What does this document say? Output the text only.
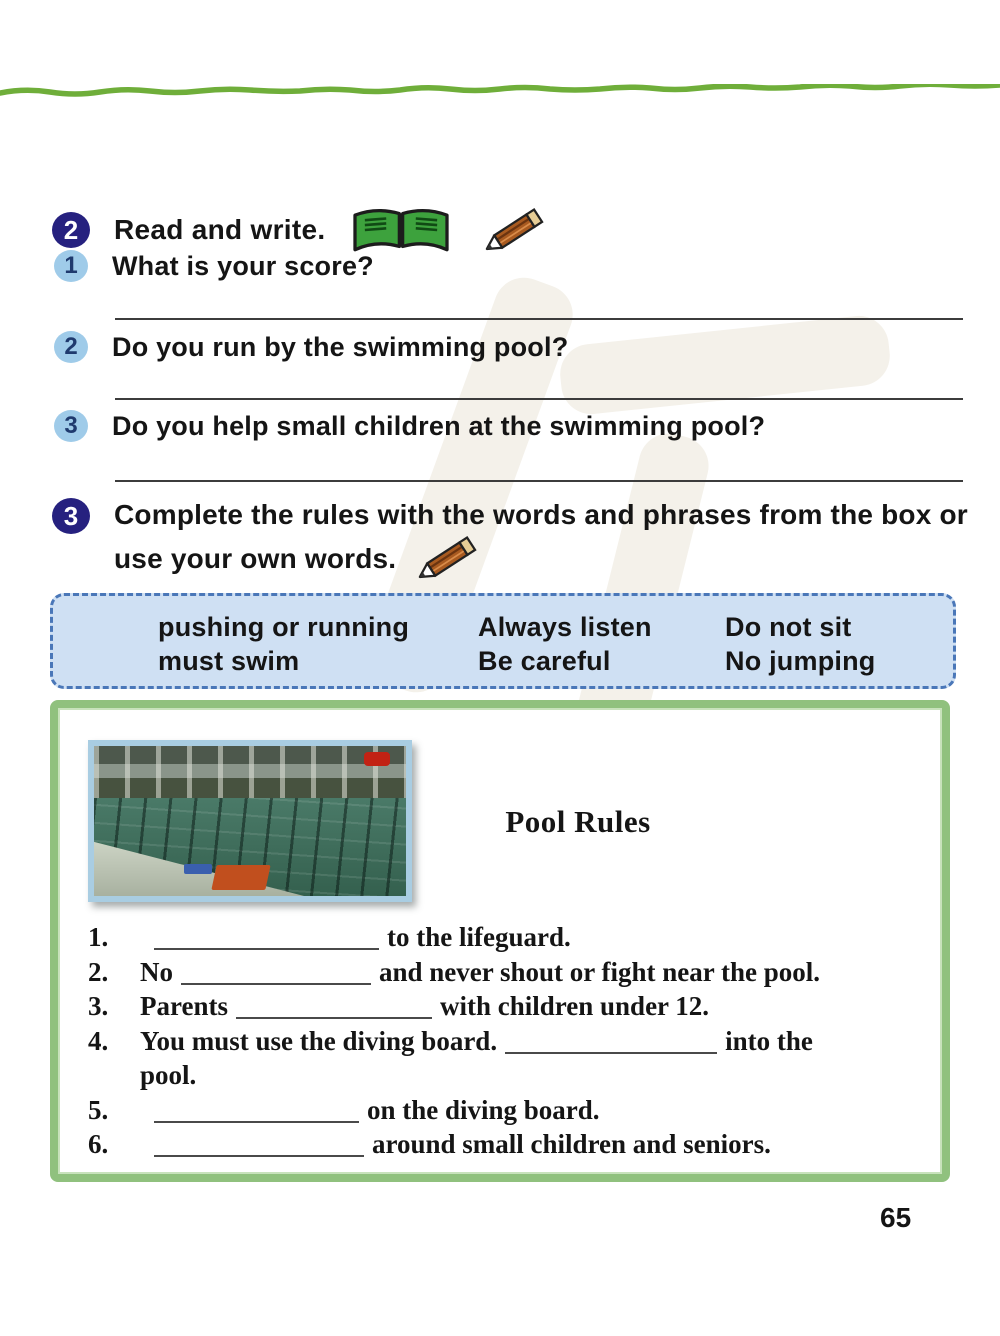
2	Read and write.
1	What is your score?
2	Do you run by the swimming pool?
3	Do you help small children at the swimming pool?
3	Complete the rules with the words and phrases from the box or
use your own words.
pushing or running
must swim
Always listen
Be careful
Do not sit
No jumping
Pool Rules
1.	to the lifeguard.
2.	No	and never shout or fight near the pool.
3.	Parents	with children under 12.
4.	You must use the diving board.	into the
pool.
5.	on the diving board.
6.	around small children and seniors.
65
